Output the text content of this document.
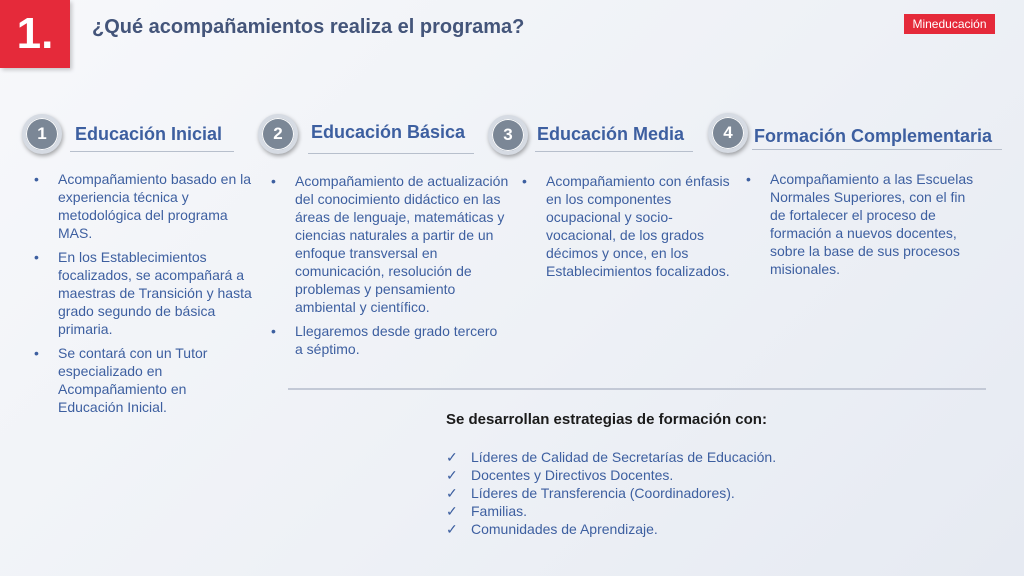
1.	¿Qué acompañamientos realiza el programa?	Mineducación
1	Educación Inicial
• Acompañamiento basado en la experiencia técnica y metodológica del programa MAS.
• En los Establecimientos focalizados, se acompañará a maestras de Transición y hasta grado segundo de básica primaria.
• Se contará con un Tutor especializado en Acompañamiento en Educación Inicial.
2	Educación Básica
• Acompañamiento de actualización del conocimiento didáctico en las áreas de lenguaje, matemáticas y ciencias naturales a partir de un enfoque transversal en comunicación, resolución de problemas y pensamiento ambiental y científico.
• Llegaremos desde grado tercero a séptimo.
3	Educación Media
• Acompañamiento con énfasis en los componentes ocupacional y socio-vocacional, de los grados décimos y once, en los Establecimientos focalizados.
4	Formación Complementaria
• Acompañamiento a las Escuelas Normales Superiores, con el fin de fortalecer el proceso de formación a nuevos docentes, sobre la base de sus procesos misionales.
Se desarrollan estrategias de formación con:
✓ Líderes de Calidad de Secretarías de Educación.
✓ Docentes y Directivos Docentes.
✓ Líderes de Transferencia (Coordinadores).
✓ Familias.
✓ Comunidades de Aprendizaje.
